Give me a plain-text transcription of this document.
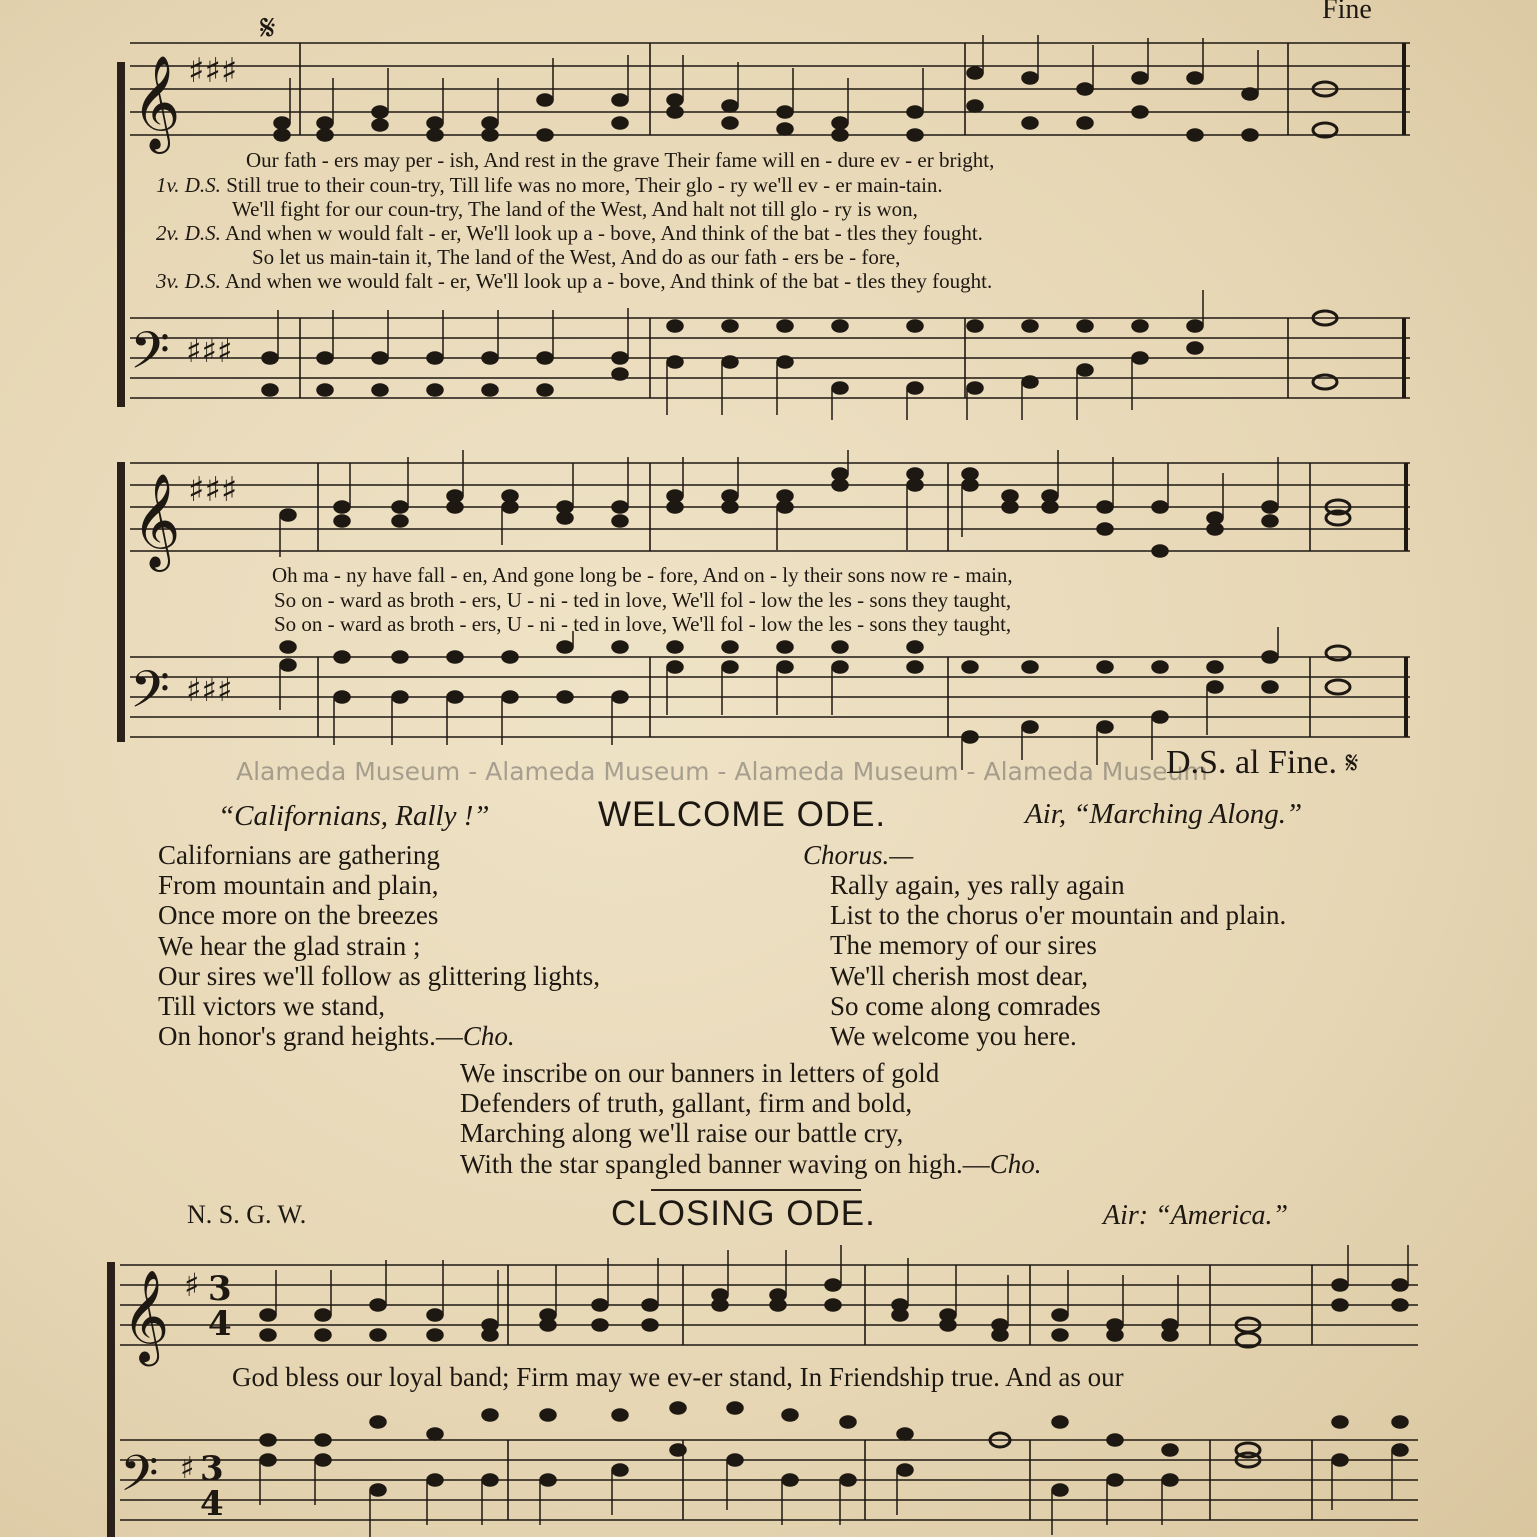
Fine
𝄞 ♯♯♯
𝄋
Our fath - ers may per - ish, And rest in the grave Their fame will en - dure ev - er bright,
1v. D.S. Still true to their coun-try, Till life was no more, Their glo - ry we'll ev - er main-tain.
We'll fight for our coun-try, The land of the West, And halt not till glo - ry is won,
2v. D.S. And when w would falt - er, We'll look up a - bove, And think of the bat - tles they fought.
So let us main-tain it, The land of the West, And do as our fath - ers be - fore,
3v. D.S. And when we would falt - er, We'll look up a - bove, And think of the bat - tles they fought.
𝄢 ♯♯♯
𝄞 ♯♯♯
Oh ma - ny have fall - en, And gone long be - fore, And on - ly their sons now re - main,
So on - ward as broth - ers, U - ni - ted in love, We'll fol - low the les - sons they taught,
So on - ward as broth - ers, U - ni - ted in love, We'll fol - low the les - sons they taught,
𝄢 ♯♯♯
Alameda Museum - Alameda Museum - Alameda Museum - Alameda Museum
D.S. al Fine. 𝄋
“Californians, Rally !”	WELCOME ODE.	Air, “Marching Along.”
Californians are gathering
From mountain and plain,
Once more on the breezes
We hear the glad strain ;
Our sires we'll follow as glittering lights,
Till victors we stand,
On honor's grand heights.—Cho.
Chorus.—
Rally again, yes rally again
List to the chorus o'er mountain and plain.
The memory of our sires
We'll cherish most dear,
So come along comrades
We welcome you here.
We inscribe on our banners in letters of gold
Defenders of truth, gallant, firm and bold,
Marching along we'll raise our battle cry,
With the star spangled banner waving on high.—Cho.
N. S. G. W.	CLOSING ODE.	Air: “America.”
𝄞 ♯ 3
4
God bless our loyal band; Firm may we ev-er stand, In Friendship true. And as our
𝄢 ♯ 3
4
